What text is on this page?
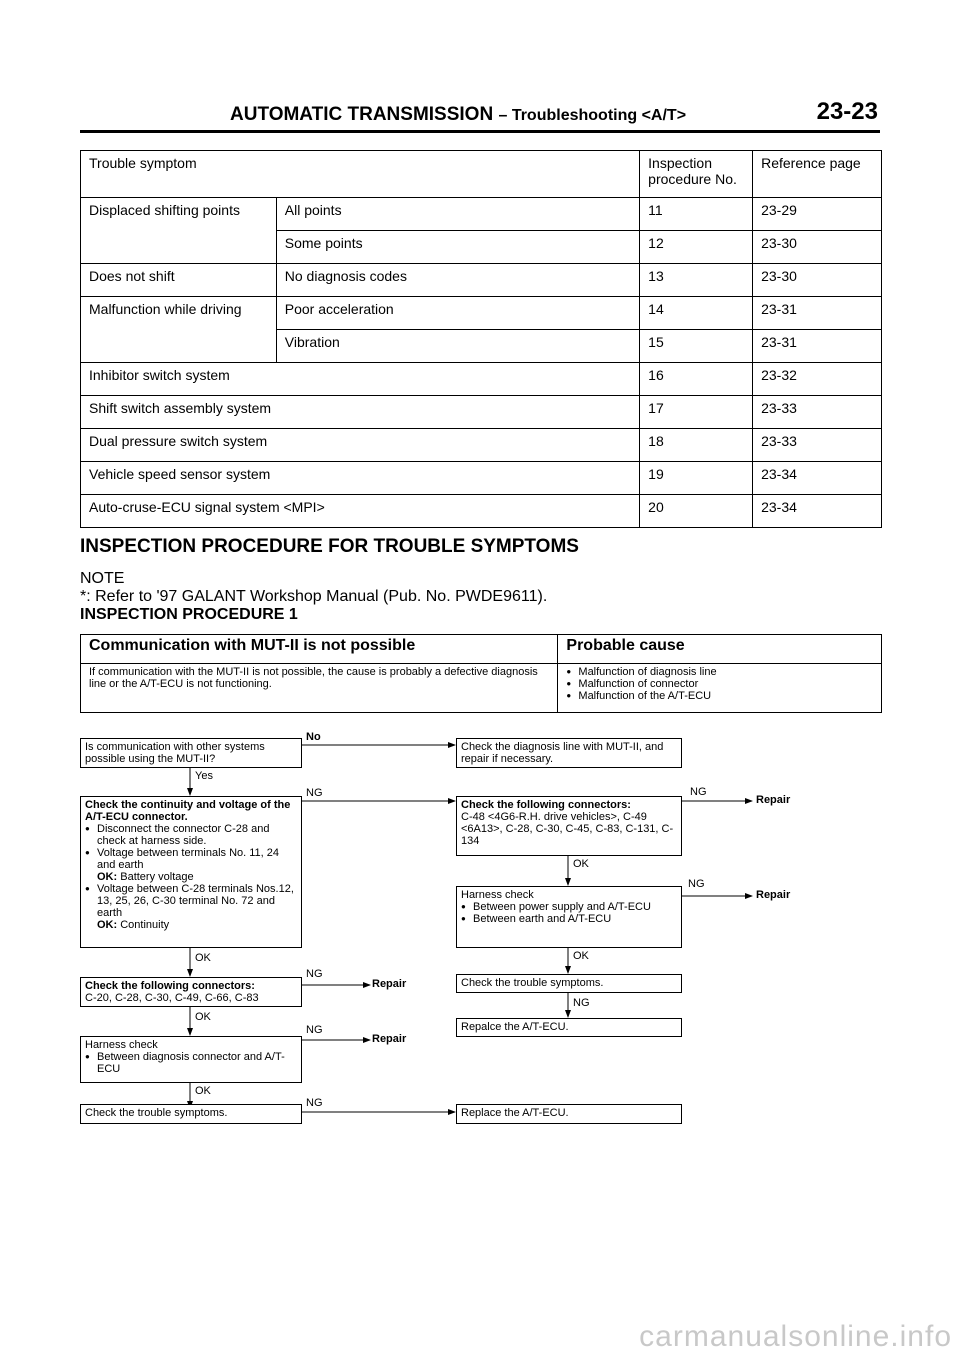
AUTOMATIC TRANSMISSION – Troubleshooting <A/T>	23-23
Trouble symptom		Inspection procedure No.	Reference page
Displaced shifting points	All points	11	23-29
	Some points	12	23-30
Does not shift	No diagnosis codes	13	23-30
Malfunction while driving	Poor acceleration	14	23-31
	Vibration	15	23-31
Inhibitor switch system		16	23-32
Shift switch assembly system		17	23-33
Dual pressure switch system		18	23-33
Vehicle speed sensor system		19	23-34
Auto-cruse-ECU signal system <MPI>		20	23-34
INSPECTION PROCEDURE FOR TROUBLE SYMPTOMS
NOTE
*: Refer to '97 GALANT Workshop Manual (Pub. No. PWDE9611).
INSPECTION PROCEDURE 1
Communication with MUT-II is not possible	Probable cause
If communication with the MUT-II is not possible, the cause is probably a defective diagnosis line or the A/T-ECU is not functioning.	● Malfunction of diagnosis line
● Malfunction of connector
● Malfunction of the A/T-ECU
Is communication with other systems possible using the MUT-II?
Check the continuity and voltage of the A/T-ECU connector.
● Disconnect the connector C-28 and check at harness side.
● Voltage between terminals No. 11, 24 and earth
OK: Battery voltage
● Voltage between C-28 terminals Nos.12, 13, 25, 26, C-30 terminal No. 72 and earth
OK: Continuity
Check the following connectors:
C-20, C-28, C-30, C-49, C-66, C-83
Harness check
● Between diagnosis connector and A/T-ECU
Check the trouble symptoms.
Check the diagnosis line with MUT-II, and repair if necessary.
Check the following connectors:
C-48 <4G6-R.H. drive vehicles>, C-49 <6A13>, C-28, C-30, C-45, C-83, C-131, C-134
Harness check
● Between power supply and A/T-ECU
● Between earth and A/T-ECU
Check the trouble symptoms.
Repalce the A/T-ECU.
Replace the A/T-ECU.
No
Yes
NG
OK
NG
Repair
OK
NG
Repair
OK
NG
NG
Repair
OK
NG
Repair
OK
NG
carmanualsonline.info
